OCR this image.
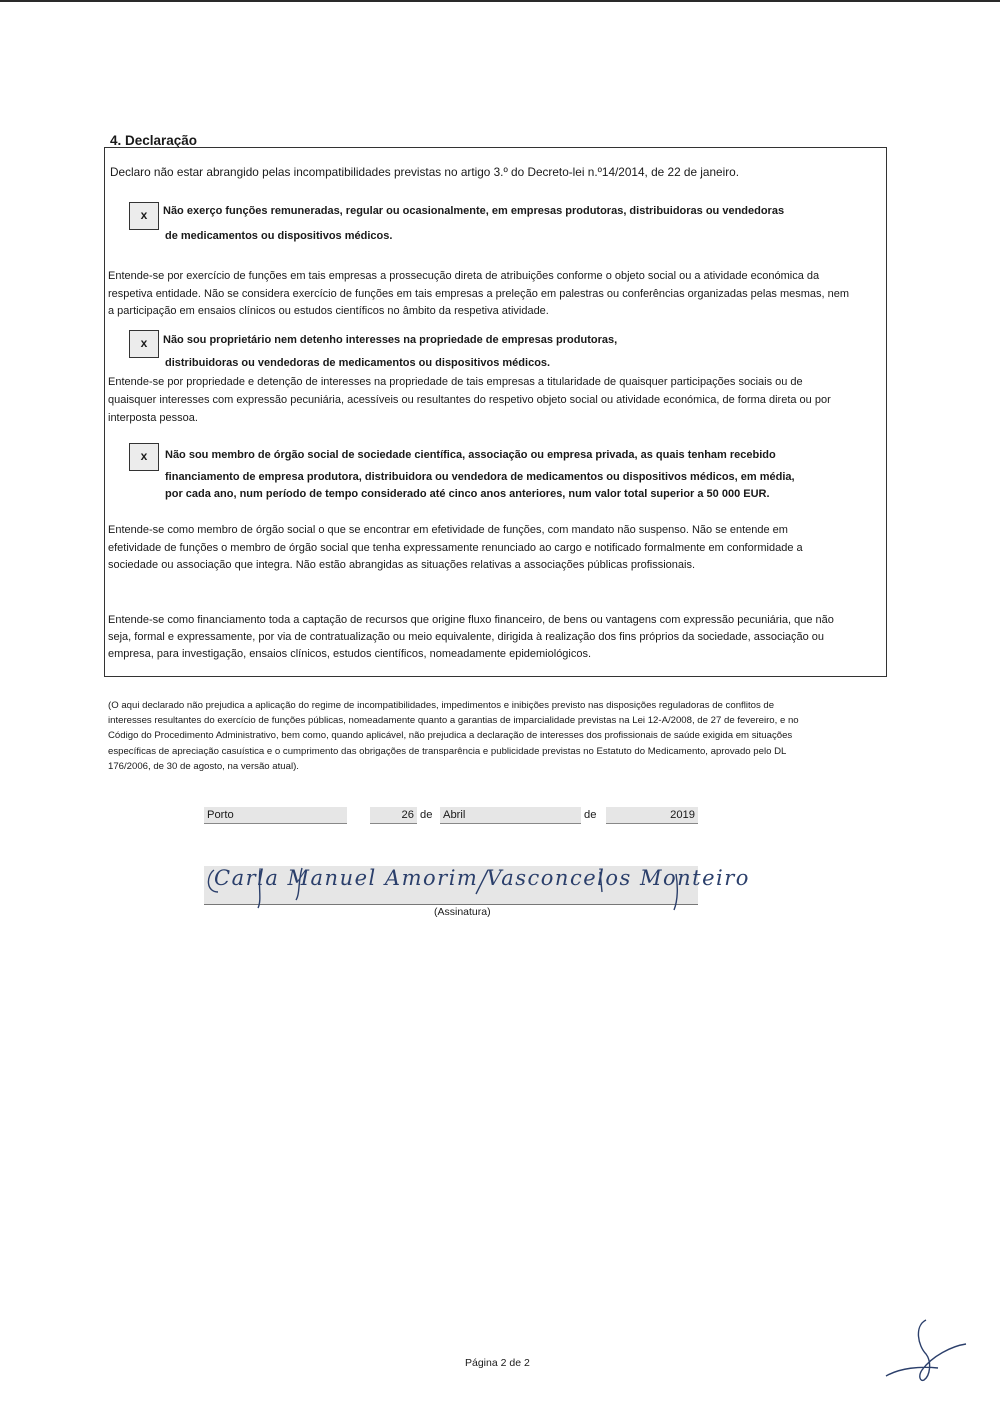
4. Declaração
Declaro não estar abrangido pelas incompatibilidades previstas no artigo 3.º do Decreto-lei n.º14/2014, de 22 de janeiro.
x	Não exerço funções remuneradas, regular ou ocasionalmente, em empresas produtoras, distribuidoras ou vendedoras
de medicamentos ou dispositivos médicos.
Entende-se por exercício de funções em tais empresas a prossecução direta de atribuições conforme o objeto social ou a atividade económica da
respetiva entidade. Não se considera exercício de funções em tais empresas a preleção em palestras ou conferências organizadas pelas mesmas, nem
a participação em ensaios clínicos ou estudos científicos no âmbito da respetiva atividade.
x	Não sou proprietário nem detenho interesses na propriedade de empresas produtoras,
distribuidoras ou vendedoras de medicamentos ou dispositivos médicos.
Entende-se por propriedade e detenção de interesses na propriedade de tais empresas a titularidade de quaisquer participações sociais ou de
quaisquer interesses com expressão pecuniária, acessíveis ou resultantes do respetivo objeto social ou atividade económica, de forma direta ou por
interposta pessoa.
x	Não sou membro de órgão social de sociedade científica, associação ou empresa privada, as quais tenham recebido
financiamento de empresa produtora, distribuidora ou vendedora de medicamentos ou dispositivos médicos, em média,
por cada ano, num período de tempo considerado até cinco anos anteriores, num valor total superior a 50 000 EUR.
Entende-se como membro de órgão social o que se encontrar em efetividade de funções, com mandato não suspenso. Não se entende em
efetividade de funções o membro de órgão social que tenha expressamente renunciado ao cargo e notificado formalmente em conformidade a
sociedade ou associação que integra. Não estão abrangidas as situações relativas a associações públicas profissionais.
Entende-se como financiamento toda a captação de recursos que origine fluxo financeiro, de bens ou vantagens com expressão pecuniária, que não
seja, formal e expressamente, por via de contratualização ou meio equivalente, dirigida à realização dos fins próprios da sociedade, associação ou
empresa, para investigação, ensaios clínicos, estudos científicos, nomeadamente epidemiológicos.
(O aqui declarado não prejudica a aplicação do regime de incompatibilidades, impedimentos e inibições previsto nas disposições reguladoras de conflitos de
interesses resultantes do exercício de funções públicas, nomeadamente quanto a garantias de imparcialidade previstas na Lei 12-A/2008, de 27 de fevereiro, e no
Código do Procedimento Administrativo, bem como, quando aplicável, não prejudica a declaração de interesses dos profissionais de saúde exigida em situações
específicas de apreciação casuística e o cumprimento das obrigações de transparência e publicidade previstas no Estatuto do Medicamento, aprovado pelo DL
176/2006, de 30 de agosto, na versão atual).
Porto	26 de Abril	de	2019
Carla Manuel Amorim Vasconcelos Monteiro
(Assinatura)
Página 2 de 2
